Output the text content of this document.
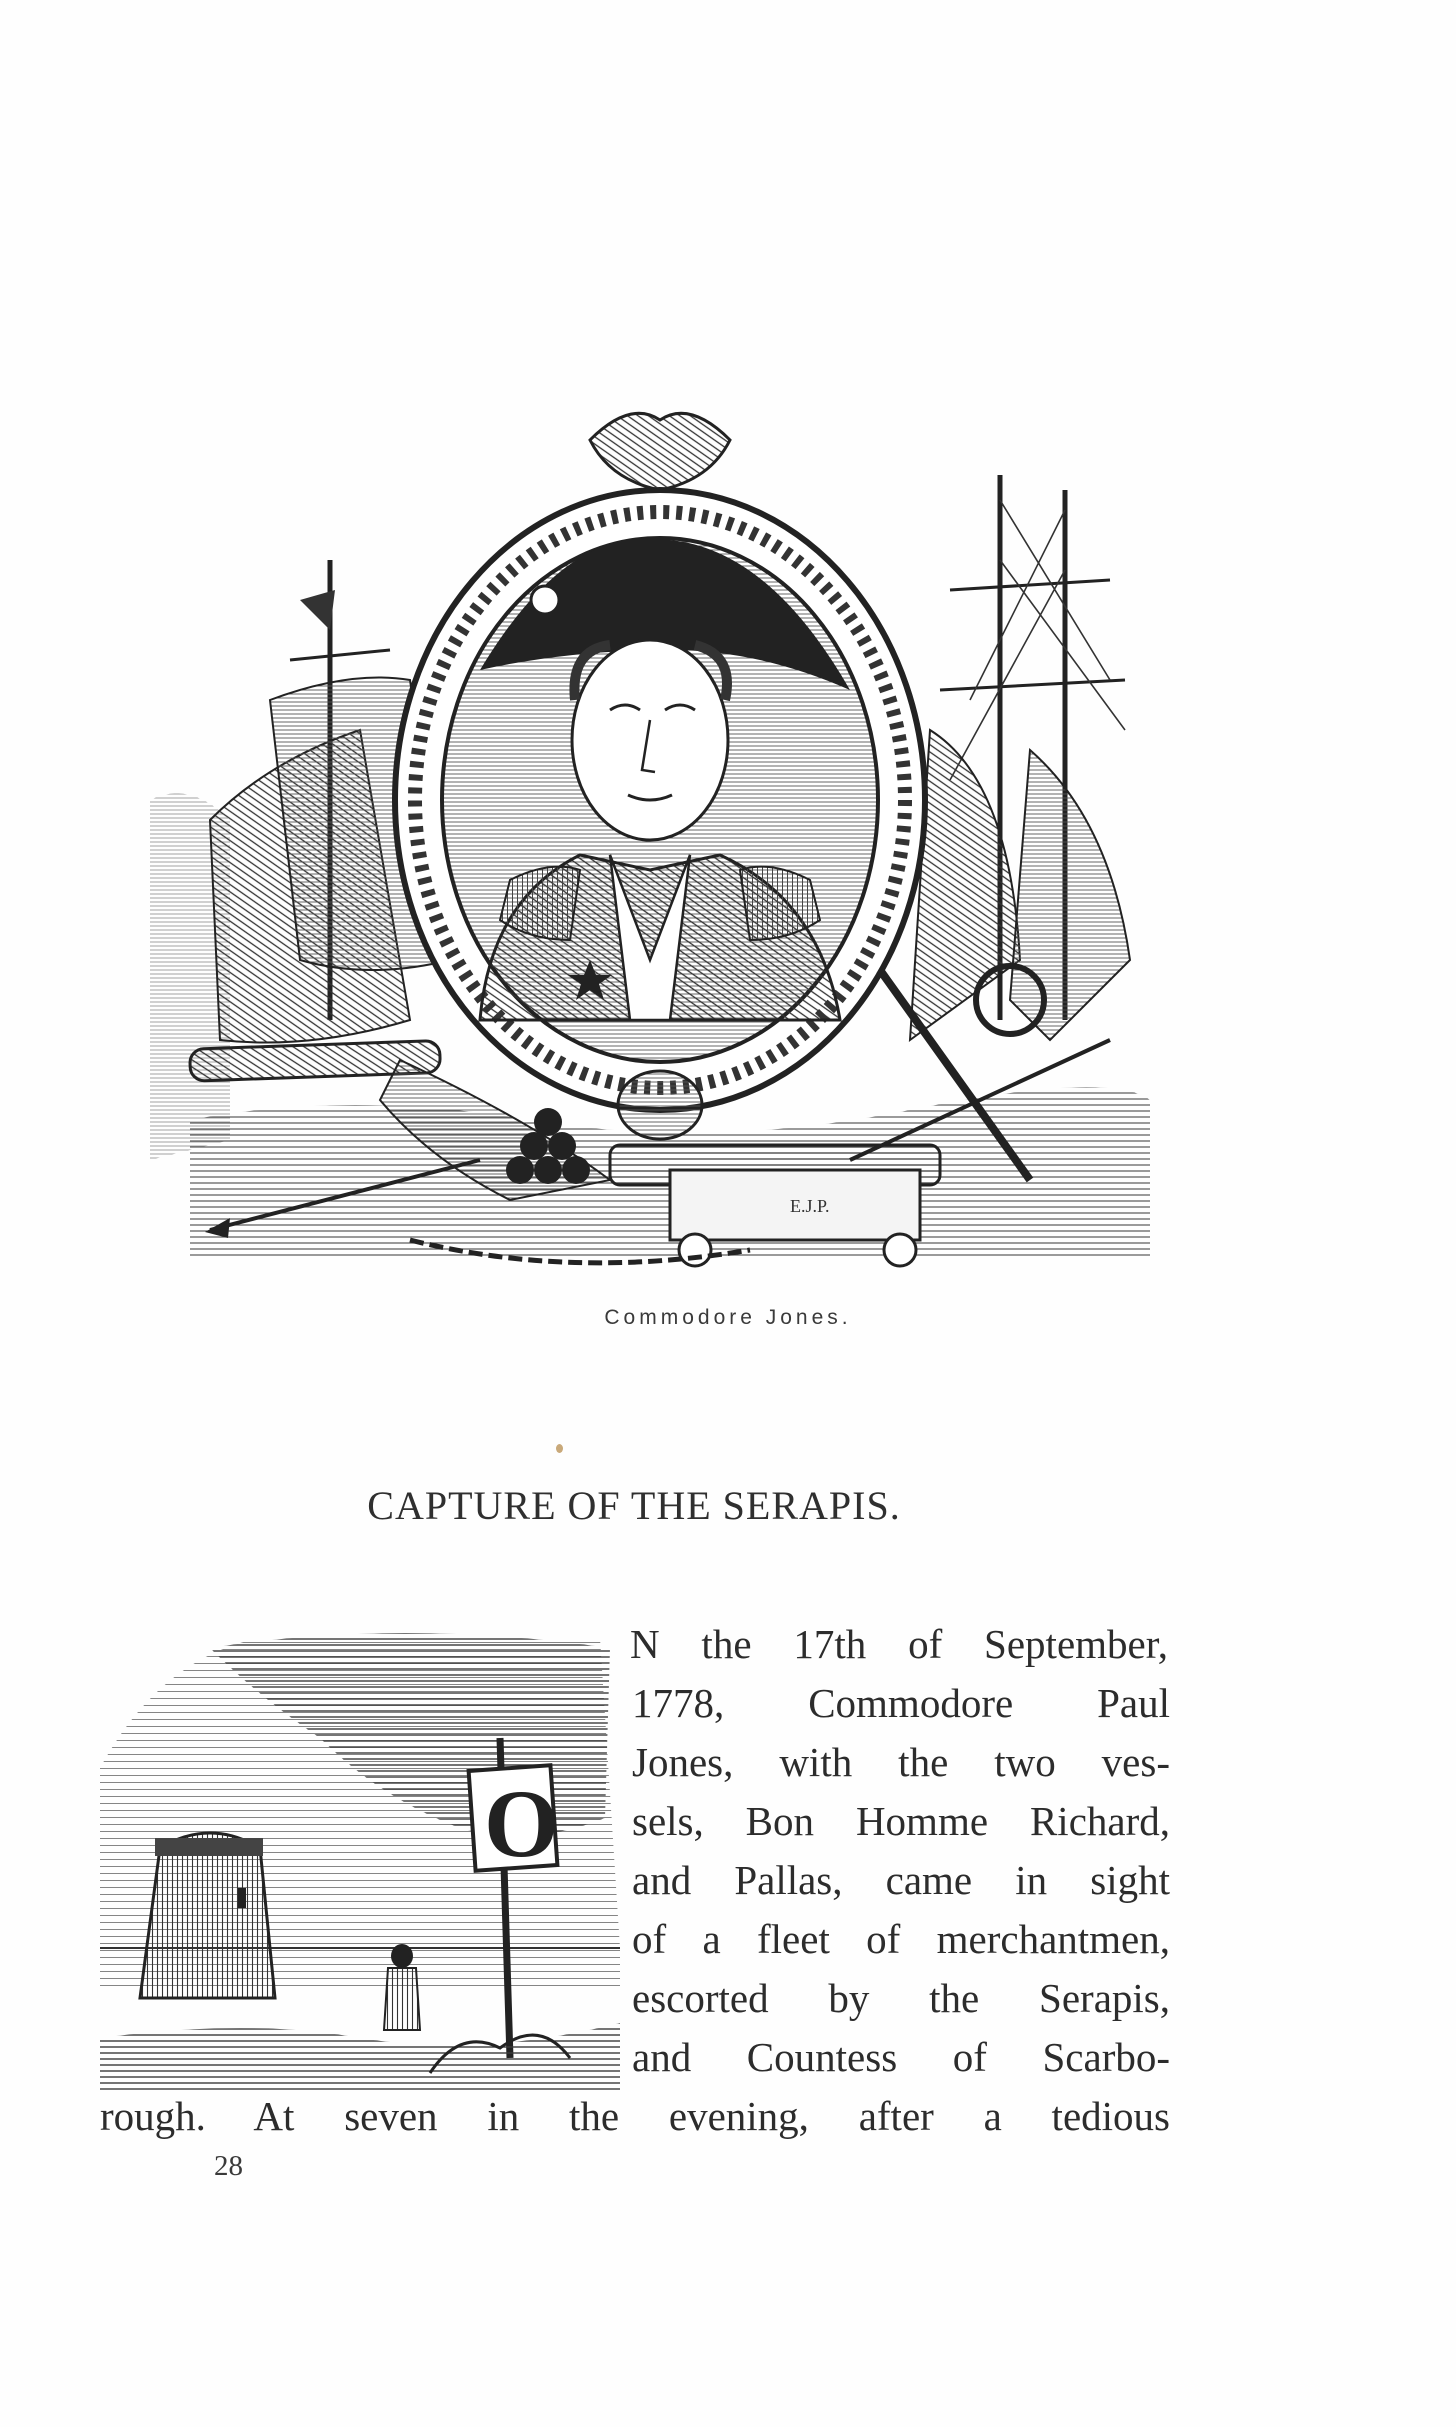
E.J.P.
Commodore Jones.
CAPTURE OF THE SERAPIS.
O
N the 17th of September,
1778, Commodore Paul
Jones, with the two ves-
sels, Bon Homme Richard,
and Pallas, came in sight
of a fleet of merchantmen,
escorted by the Serapis,
and Countess of Scarbo-
rough. At seven in the evening, after a tedious
28
